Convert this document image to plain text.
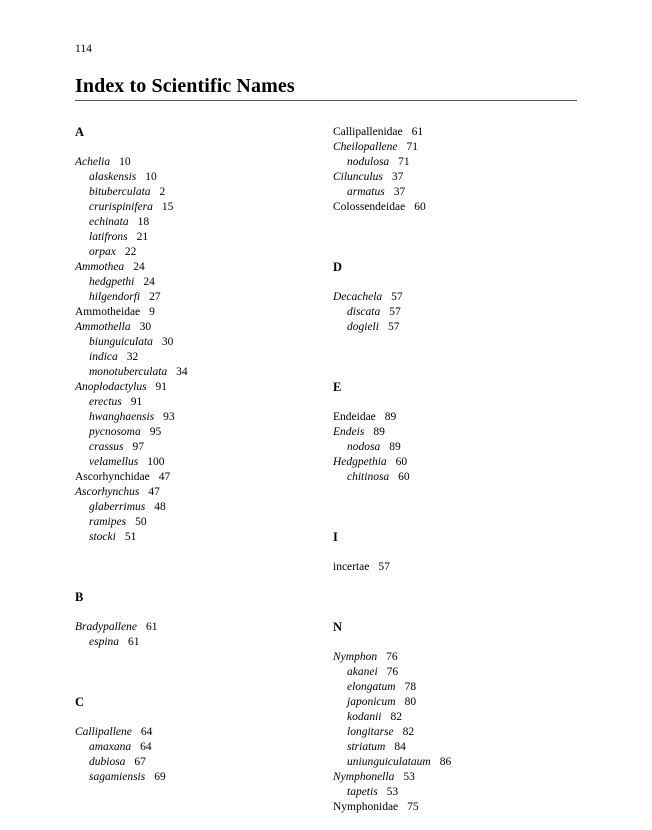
114
Index to Scientific Names
A
Achelia 10
alaskensis 10
bituberculata 2
crurispinifera 15
echinata 18
latifrons 21
orpax 22
Ammothea 24
hedgpethi 24
hilgendorfi 27
Ammotheidae 9
Ammothella 30
biunguiculata 30
indica 32
monotuberculata 34
Anoplodactylus 91
erectus 91
hwanghaensis 93
pycnosoma 95
crassus 97
velamellus 100
Ascorhynchidae 47
Ascorhynchus 47
glaberrimus 48
ramipes 50
stocki 51
B
Bradypallene 61
espina 61
C
Callipallene 64
amaxana 64
dubiosa 67
sagamiensis 69
Callipallenidae 61
Cheilopallene 71
nodulosa 71
Cilunculus 37
armatus 37
Colossendeidae 60
D
Decachela 57
discata 57
dogieli 57
E
Endeidae 89
Endeis 89
nodosa 89
Hedgpethia 60
chitinosa 60
I
incertae 57
N
Nymphon 76
akanei 76
elongatum 78
japonicum 80
kodanii 82
longitarse 82
striatum 84
uniunguiculataum 86
Nymphonella 53
tapetis 53
Nymphonidae 75
